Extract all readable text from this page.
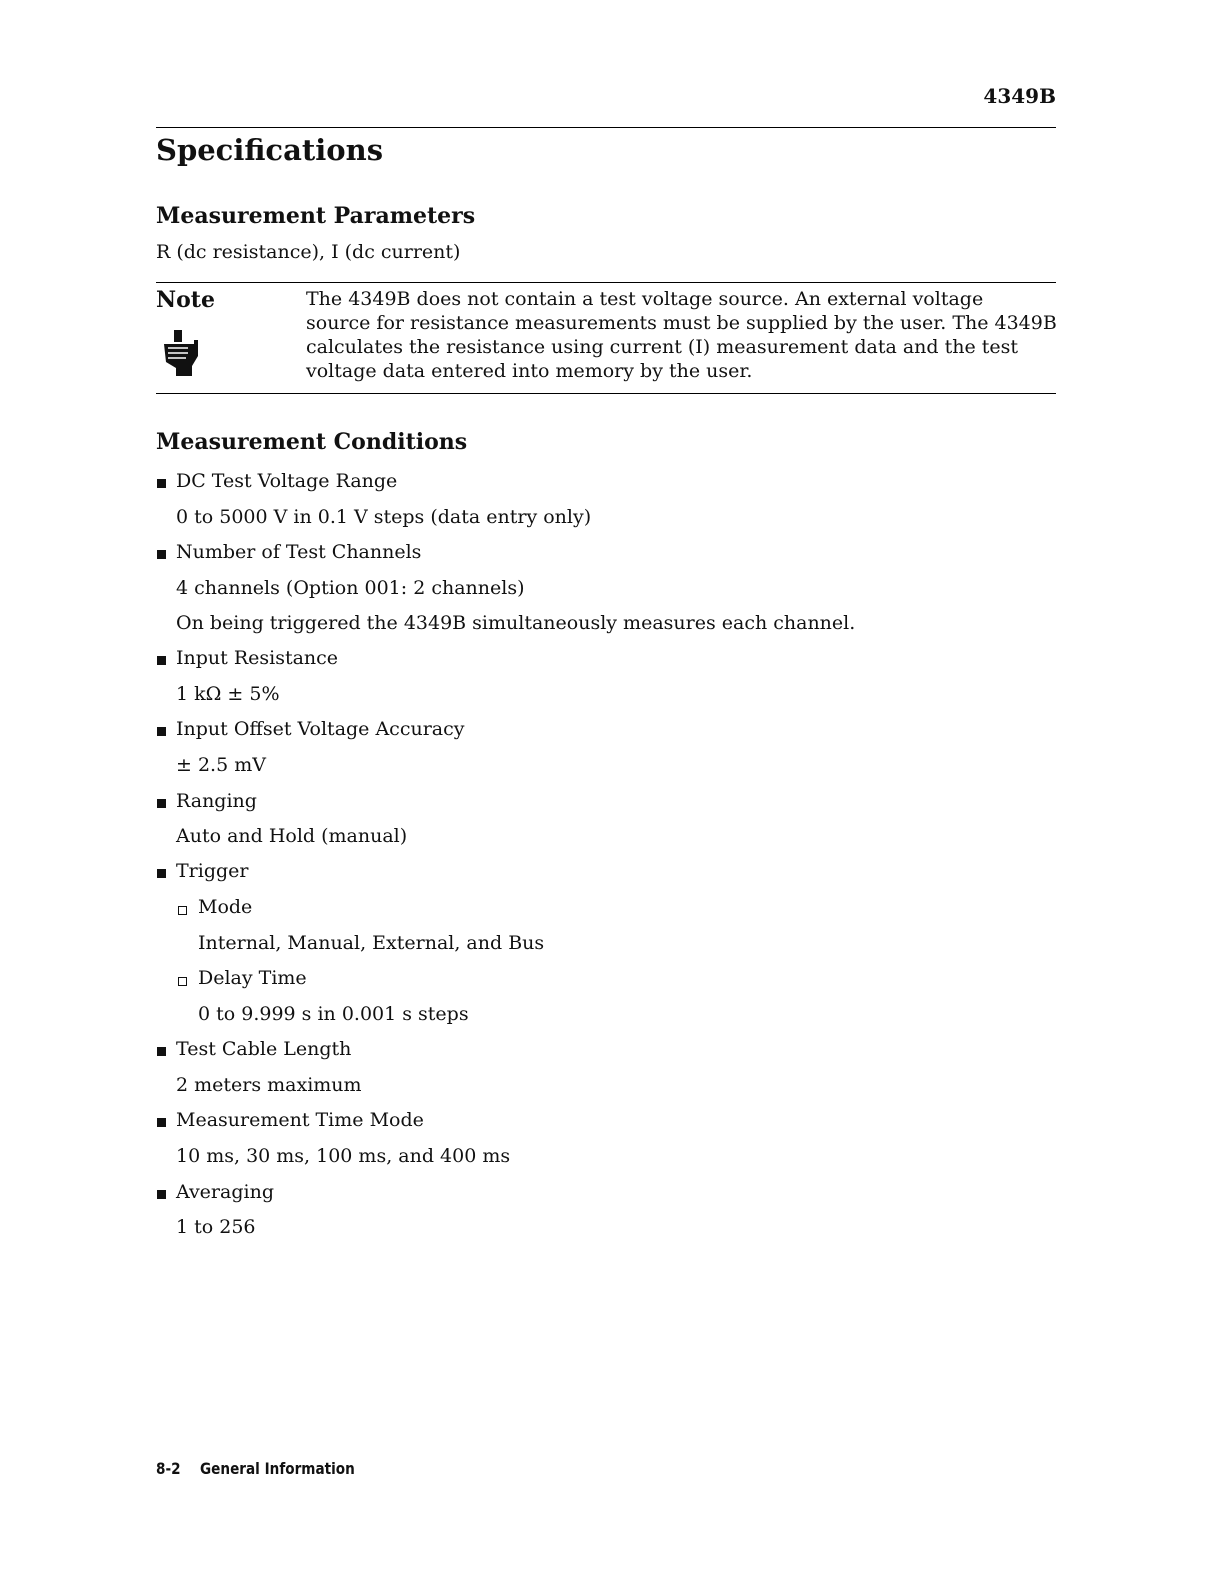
4349B
Specifications
Measurement Parameters
R (dc resistance), I (dc current)
Note	The 4349B does not contain a test voltage source. An external voltage
source for resistance measurements must be supplied by the user. The 4349B
calculates the resistance using current (I) measurement data and the test
voltage data entered into memory by the user.
Measurement Conditions
DC Test Voltage Range
0 to 5000 V in 0.1 V steps (data entry only)
Number of Test Channels
4 channels (Option 001: 2 channels)
On being triggered the 4349B simultaneously measures each channel.
Input Resistance
1 kΩ ± 5%
Input Offset Voltage Accuracy
± 2.5 mV
Ranging
Auto and Hold (manual)
Trigger
Mode
Internal, Manual, External, and Bus
Delay Time
0 to 9.999 s in 0.001 s steps
Test Cable Length
2 meters maximum
Measurement Time Mode
10 ms, 30 ms, 100 ms, and 400 ms
Averaging
1 to 256
8-2 General Information
